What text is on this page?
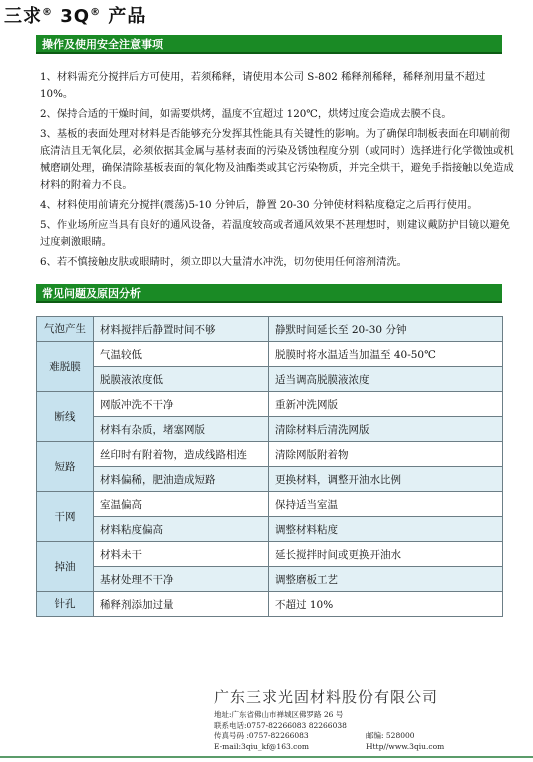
三求® 3Q® 产品
操作及使用安全注意事项

1、材料需充分搅拌后方可使用，若须稀释，请使用本公司 S-802 稀释剂稀释，稀释剂用量不超过 10%。

2、保持合适的干燥时间，如需要烘烤，温度不宜超过 120℃，烘烤过度会造成去膜不良。

3、基板的表面处理对材料是否能够充分发挥其性能具有关键性的影响。为了确保印制板表面在印刷前彻底清洁且无氧化层，必须依据其金属与基材表面的污染及锈蚀程度分别（或同时）选择进行化学微蚀或机械磨刷处理，确保清除基板表面的氧化物及油酯类或其它污染物质，并完全烘干，避免手指接触以免造成材料的附着力不良。

4、材料使用前请充分搅拌(震荡)5-10 分钟后，静置 20-30 分钟使材料粘度稳定之后再行使用。

5、作业场所应当具有良好的通风设备，若温度较高或者通风效果不甚理想时，则建议戴防护目镜以避免过度刺激眼睛。

6、若不慎接触皮肤或眼睛时，须立即以大量清水冲洗，切勿使用任何溶剂清洗。

常见问题及原因分析
气泡产生	材料搅拌后静置时间不够	静默时间延长至 20-30 分钟
难脱膜	气温较低	脱膜时将水温适当加温至 40-50℃
	脱膜液浓度低	适当调高脱膜液浓度
断线	网版冲洗不干净	重新冲洗网版
	材料有杂质，堵塞网版	清除材料后清洗网版
短路	丝印时有附着物，造成线路相连	清除网版附着物
	材料偏稀，肥油造成短路	更换材料，调整开油水比例
干网	室温偏高	保持适当室温
	材料粘度偏高	调整材料粘度
掉油	材料未干	延长搅拌时间或更换开油水
	基材处理不干净	调整磨板工艺
针孔	稀释剂添加过量	不超过 10%
广东三求光固材料股份有限公司
地址:广东省佛山市禅城区佛罗路 26 号
联系电话:0757-82266083 82266038
传真号码 :0757-82266083	邮编: 528000
E-mail:3qiu_kf@163.com	Http//www.3qiu.com
